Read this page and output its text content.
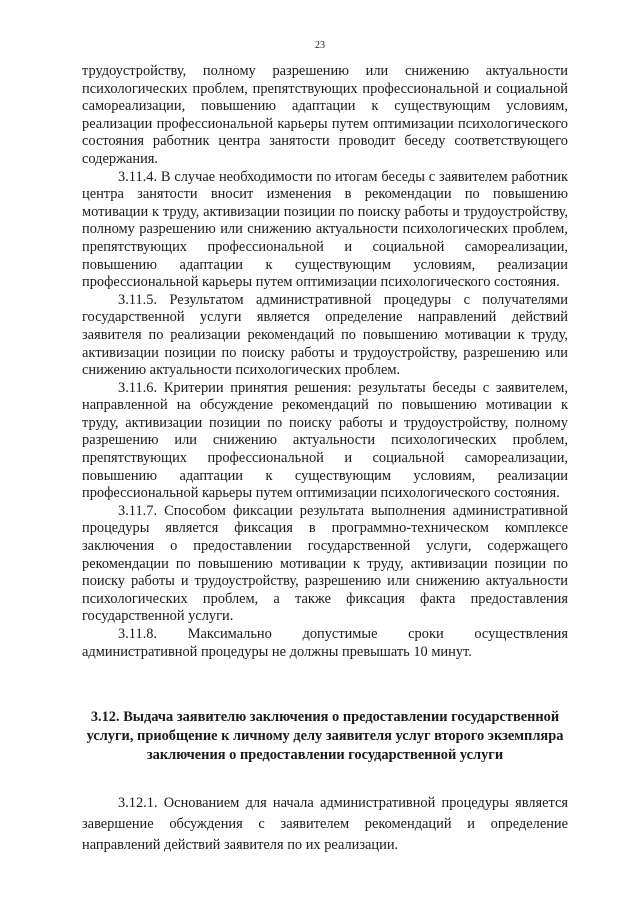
23

трудоустройству, полному разрешению или снижению актуальности психологических проблем, препятствующих профессиональной и социальной самореализации, повышению адаптации к существующим условиям, реализации профессиональной карьеры путем оптимизации психологического состояния работник центра занятости проводит беседу соответствующего содержания.

3.11.4. В случае необходимости по итогам беседы с заявителем работник центра занятости вносит изменения в рекомендации по повышению мотивации к труду, активизации позиции по поиску работы и трудоустройству, полному разрешению или снижению актуальности психологических проблем, препятствующих профессиональной и социальной самореализации, повышению адаптации к существующим условиям, реализации профессиональной карьеры путем оптимизации психологического состояния.

3.11.5. Результатом административной процедуры с получателями государственной услуги является определение направлений действий заявителя по реализации рекомендаций по повышению мотивации к труду, активизации позиции по поиску работы и трудоустройству, разрешению или снижению актуальности психологических проблем.

3.11.6. Критерии принятия решения: результаты беседы с заявителем, направленной на обсуждение рекомендаций по повышению мотивации к труду, активизации позиции по поиску работы и трудоустройству, полному разрешению или снижению актуальности психологических проблем, препятствующих профессиональной и социальной самореализации, повышению адаптации к существующим условиям, реализации профессиональной карьеры путем оптимизации психологического состояния.

3.11.7. Способом фиксации результата выполнения административной процедуры является фиксация в программно-техническом комплексе заключения о предоставлении государственной услуги, содержащего рекомендации по повышению мотивации к труду, активизации позиции по поиску работы и трудоустройству, разрешению или снижению актуальности психологических проблем, а также фиксация факта предоставления государственной услуги.

3.11.8. Максимально допустимые сроки осуществления административной процедуры не должны превышать 10 минут.

3.12. Выдача заявителю заключения о предоставлении государственной услуги, приобщение к личному делу заявителя услуг второго экземпляра заключения о предоставлении государственной услуги

3.12.1. Основанием для начала административной процедуры является завершение обсуждения с заявителем рекомендаций и определение направлений действий заявителя по их реализации.
